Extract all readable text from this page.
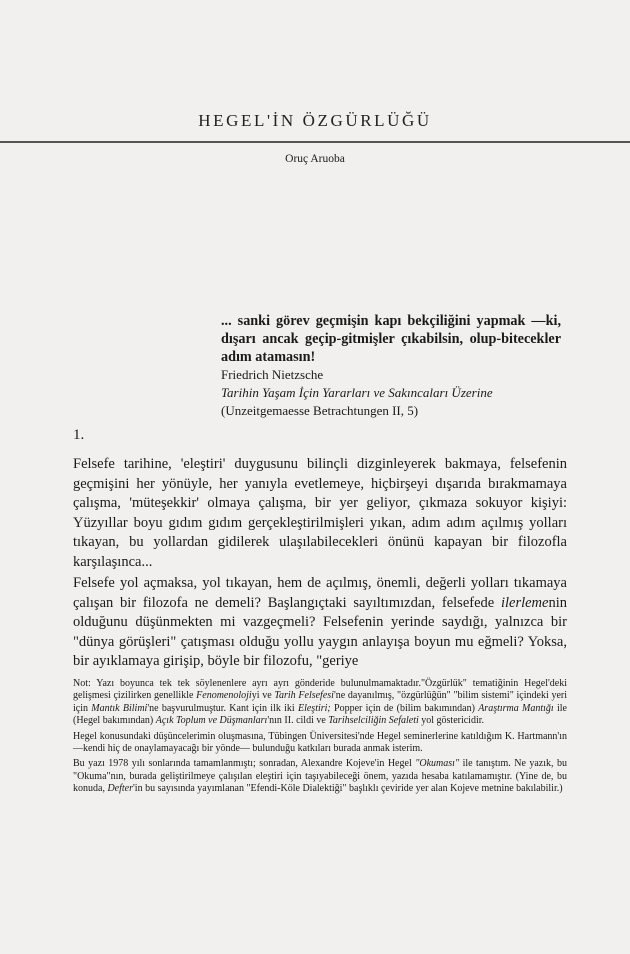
HEGEL'İN ÖZGÜRLÜĞÜ
Oruç Aruoba
... sanki görev geçmişin kapı bekçiliğini yapmak —ki, dışarı ancak geçip-gitmişler çıkabilsin, olup-bitecekler adım atamasın!
Friedrich Nietzsche
Tarihin Yaşam İçin Yararları ve Sakıncaları Üzerine
(Unzeitgemaesse Betrachtungen II, 5)
1.

Felsefe tarihine, 'eleştiri' duygusunu bilinçli dizginleyerek bakmaya, felsefenin geçmişini her yönüyle, her yanıyla evetlemeye, hiçbirşeyi dışarıda bırakmamaya çalışma, 'müteşekkir' olmaya çalışma, bir yer geliyor, çıkmaza sokuyor kişiyi: Yüzyıllar boyu gıdım gıdım gerçekleştirilmişleri yıkan, adım adım açılmış yolları tıkayan, bu yollardan gidilerek ulaşılabilecekleri önünü kapayan bir filozofla karşılaşınca...

Felsefe yol açmaksa, yol tıkayan, hem de açılmış, önemli, değerli yolları tıkamaya çalışan bir filozofa ne demeli? Başlangıçtaki sayıltımızdan, felsefede ilerlemenin olduğunu düşünmekten mi vazgeçmeli? Felsefenin yerinde saydığı, yalnızca bir "dünya görüşleri" çatışması olduğu yollu yaygın anlayışa boyun mu eğmeli? Yoksa, bir ayıklamaya girişip, böyle bir filozofu, "geriye

Not: Yazı boyunca tek tek söylenenlere ayrı ayrı gönderide bulunulmamaktadır."Özgürlük" tematiğinin Hegel'deki gelişmesi çizilirken genellikle Fenomenolojiyi ve Tarih Felsefesi'ne dayanılmış, "özgürlüğün" "bilim sistemi" içindeki yeri için Mantık Bilimi'ne başvurulmuştur. Kant için ilk iki Eleştiri; Popper için de (bilim bakımından) Araştırma Mantığı ile (Hegel bakımından) Açık Toplum ve Düşmanları'nın II. cildi ve Tarihselciliğin Sefaleti yol göstericidir.

Hegel konusundaki düşüncelerimin oluşmasına, Tübingen Üniversitesi'nde Hegel seminerlerine katıldığım K. Hartmann'ın —kendi hiç de onaylamayacağı bir yönde— bulunduğu katkıları burada anmak isterim.

Bu yazı 1978 yılı sonlarında tamamlanmıştı; sonradan, Alexandre Kojeve'in Hegel "Okuması" ile tanıştım. Ne yazık, bu "Okuma"nın, burada geliştirilmeye çalışılan eleştiri için taşıyabileceği önem, yazıda hesaba katılamamıştır. (Yine de, bu konuda, Defter'in bu sayısında yayımlanan "Efendi-Köle Dialektiği" başlıklı çeviride yer alan Kojeve metnine bakılabilir.)
